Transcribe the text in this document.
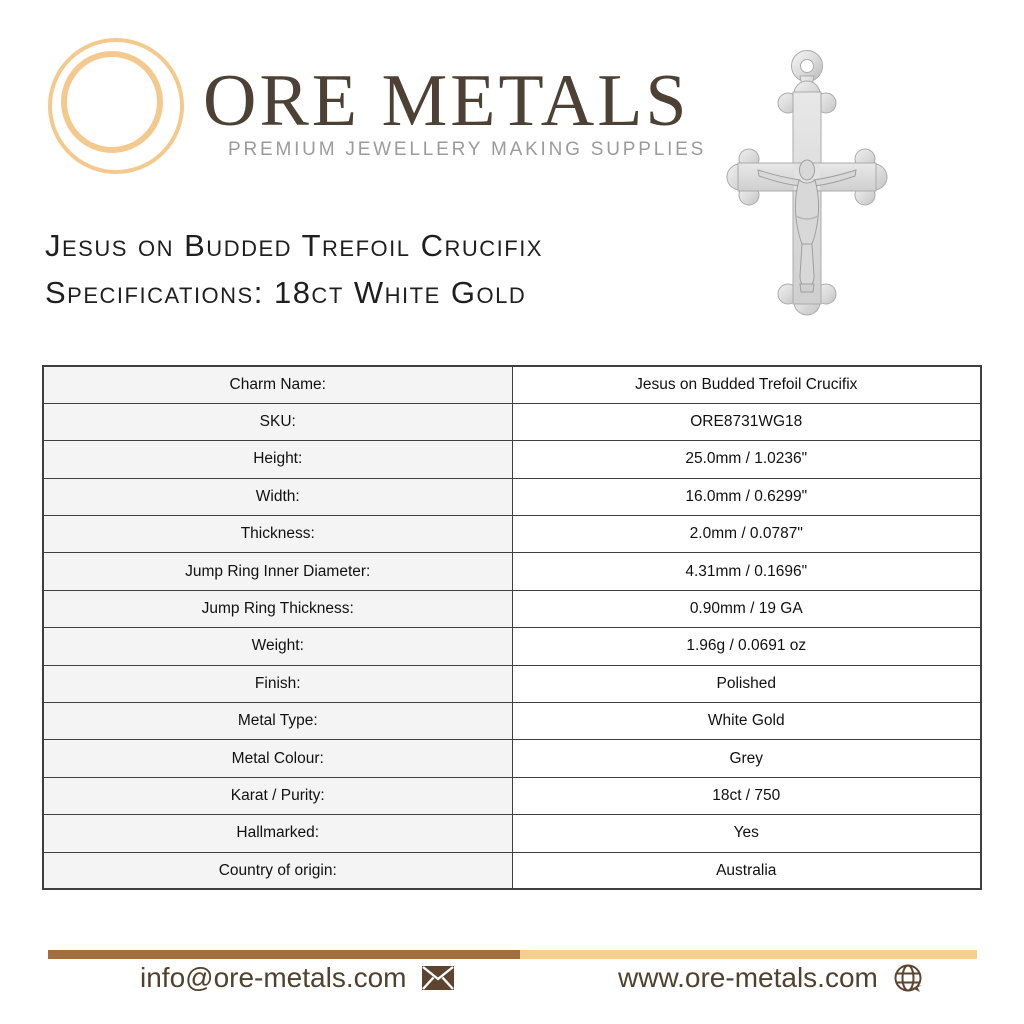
ORE METALS
PREMIUM JEWELLERY MAKING SUPPLIES
Jesus on Budded Trefoil Crucifix
Specifications: 18ct White Gold
Charm Name:	Jesus on Budded Trefoil Crucifix
SKU:	ORE8731WG18
Height:	25.0mm / 1.0236"
Width:	16.0mm / 0.6299"
Thickness:	2.0mm / 0.0787"
Jump Ring Inner Diameter:	4.31mm / 0.1696"
Jump Ring Thickness:	0.90mm / 19 GA
Weight:	1.96g / 0.0691 oz
Finish:	Polished
Metal Type:	White Gold
Metal Colour:	Grey
Karat / Purity:	18ct / 750
Hallmarked:	Yes
Country of origin:	Australia
info@ore-metals.com	www.ore-metals.com
